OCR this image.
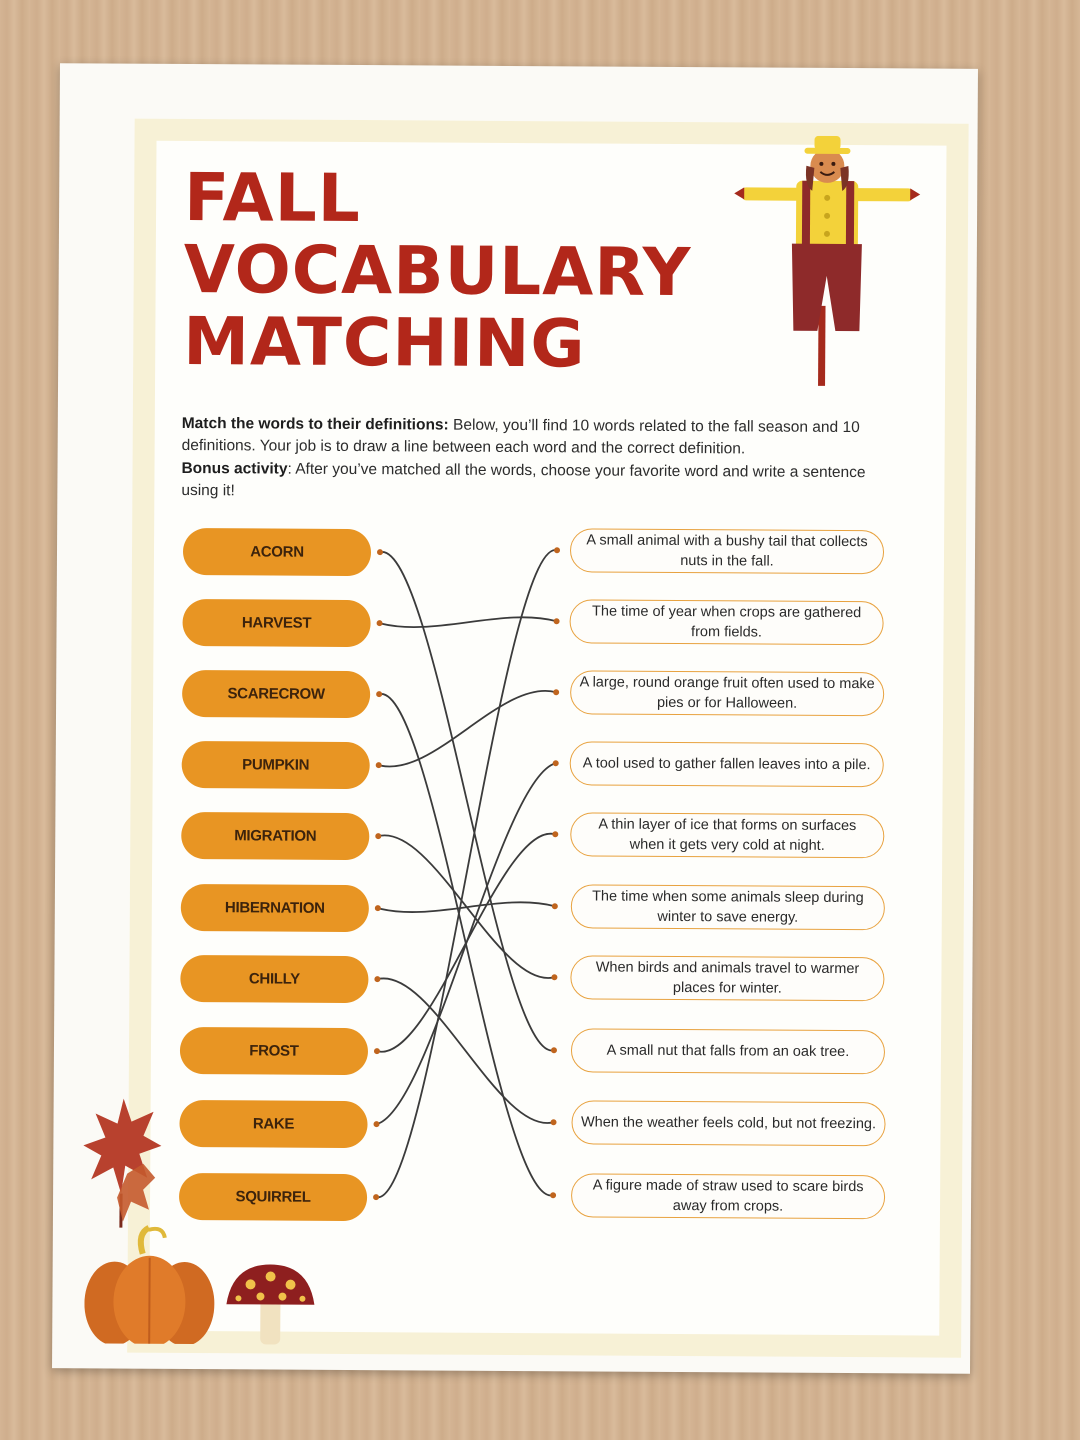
FALL
VOCABULARY
MATCHING

Match the words to their definitions: Below, you’ll find 10 words related to the fall season and 10 definitions. Your job is to draw a line between each word and the correct definition.
Bonus activity: After you’ve matched all the words, choose your favorite word and write a sentence using it!

ACORN
HARVEST
SCARECROW
PUMPKIN
MIGRATION
HIBERNATION
CHILLY
FROST
RAKE
SQUIRREL
A small animal with a bushy tail that collects nuts in the fall.
The time of year when crops are gathered from fields.
A large, round orange fruit often used to make pies or for Halloween.
A tool used to gather fallen leaves into a pile.
A thin layer of ice that forms on surfaces when it gets very cold at night.
The time when some animals sleep during winter to save energy.
When birds and animals travel to warmer places for winter.
A small nut that falls from an oak tree.
When the weather feels cold, but not freezing.
A figure made of straw used to scare birds away from crops.
